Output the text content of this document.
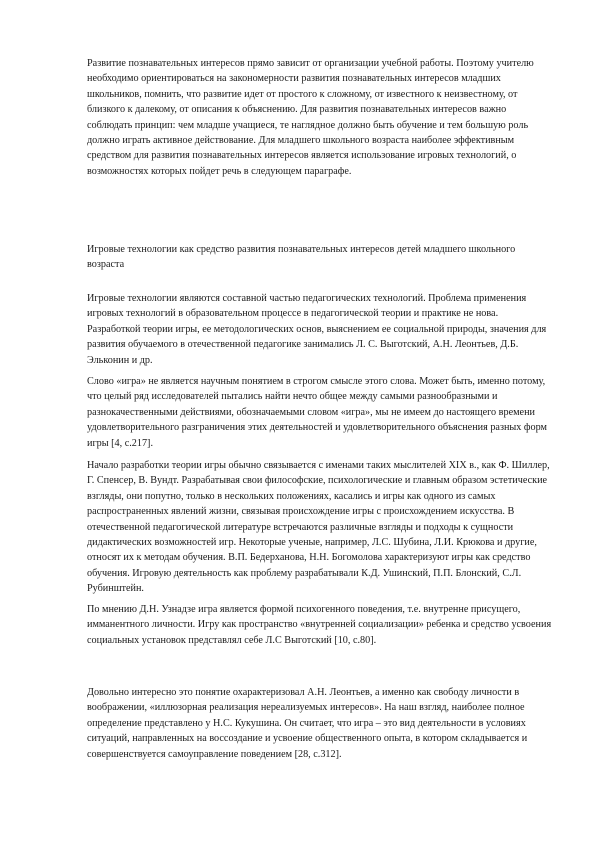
Развитие познавательных интересов прямо зависит от организации учебной работы. Поэтому учителю необходимо ориентироваться на закономерности развития познавательных интересов младших школьников, помнить, что развитие идет от простого к сложному, от известного к неизвестному, от близкого к далекому, от описания к объяснению. Для развития познавательных интересов важно соблюдать принцип: чем младше учащиеся, те наглядное должно быть обучение и тем большую роль должно играть активное действование. Для младшего школьного возраста наиболее эффективным средством для развития познавательных интересов является использование игровых технологий, о возможностях которых пойдет речь в следующем параграфе.

Игровые технологии как средство развития познавательных интересов детей младшего школьного возраста

Игровые технологии являются составной частью педагогических технологий. Проблема применения игровых технологий в образовательном процессе в педагогической теории и практике не нова. Разработкой теории игры, ее методологических основ, выяснением ее социальной природы, значения для развития обучаемого в отечественной педагогике занимались Л. С. Выготский, А.Н. Леонтьев, Д.Б. Эльконин и др.

Слово «игра» не является научным понятием в строгом смысле этого слова. Может быть, именно потому, что целый ряд исследователей пытались найти нечто общее между самыми разнообразными и разнокачественными действиями, обозначаемыми словом «игра», мы не имеем до настоящего времени удовлетворительного разграничения этих деятельностей и удовлетворительного объяснения разных форм игры [4, с.217].

Начало разработки теории игры обычно связывается с именами таких мыслителей XIX в., как Ф. Шиллер, Г. Спенсер, В. Вундт. Разрабатывая свои философские, психологические и главным образом эстетические взгляды, они попутно, только в нескольких положениях, касались и игры как одного из самых распространенных явлений жизни, связывая происхождение игры с происхождением искусства. В отечественной педагогической литературе встречаются различные взгляды и подходы к сущности дидактических возможностей игр. Некоторые ученые, например, Л.С. Шубина, Л.И. Крюкова и другие, относят их к методам обучения. В.П. Бедерханова, Н.Н. Богомолова характеризуют игры как средство обучения. Игровую деятельность как проблему разрабатывали К.Д. Ушинский, П.П. Блонский, С.Л. Рубинштейн.

По мнению Д.Н. Узнадзе игра является формой психогенного поведения, т.е. внутренне присущего, имманентного личности. Игру как пространство «внутренней социализации» ребенка и средство усвоения социальных установок представлял себе Л.С Выготский [10, с.80].

Довольно интересно это понятие охарактеризовал А.Н. Леонтьев, а именно как свободу личности в воображении, «иллюзорная реализация нереализуемых интересов». На наш взгляд, наиболее полное определение представлено у Н.С. Кукушина. Он считает, что игра – это вид деятельности в условиях ситуаций, направленных на воссоздание и усвоение общественного опыта, в котором складывается и совершенствуется самоуправление поведением [28, с.312].
